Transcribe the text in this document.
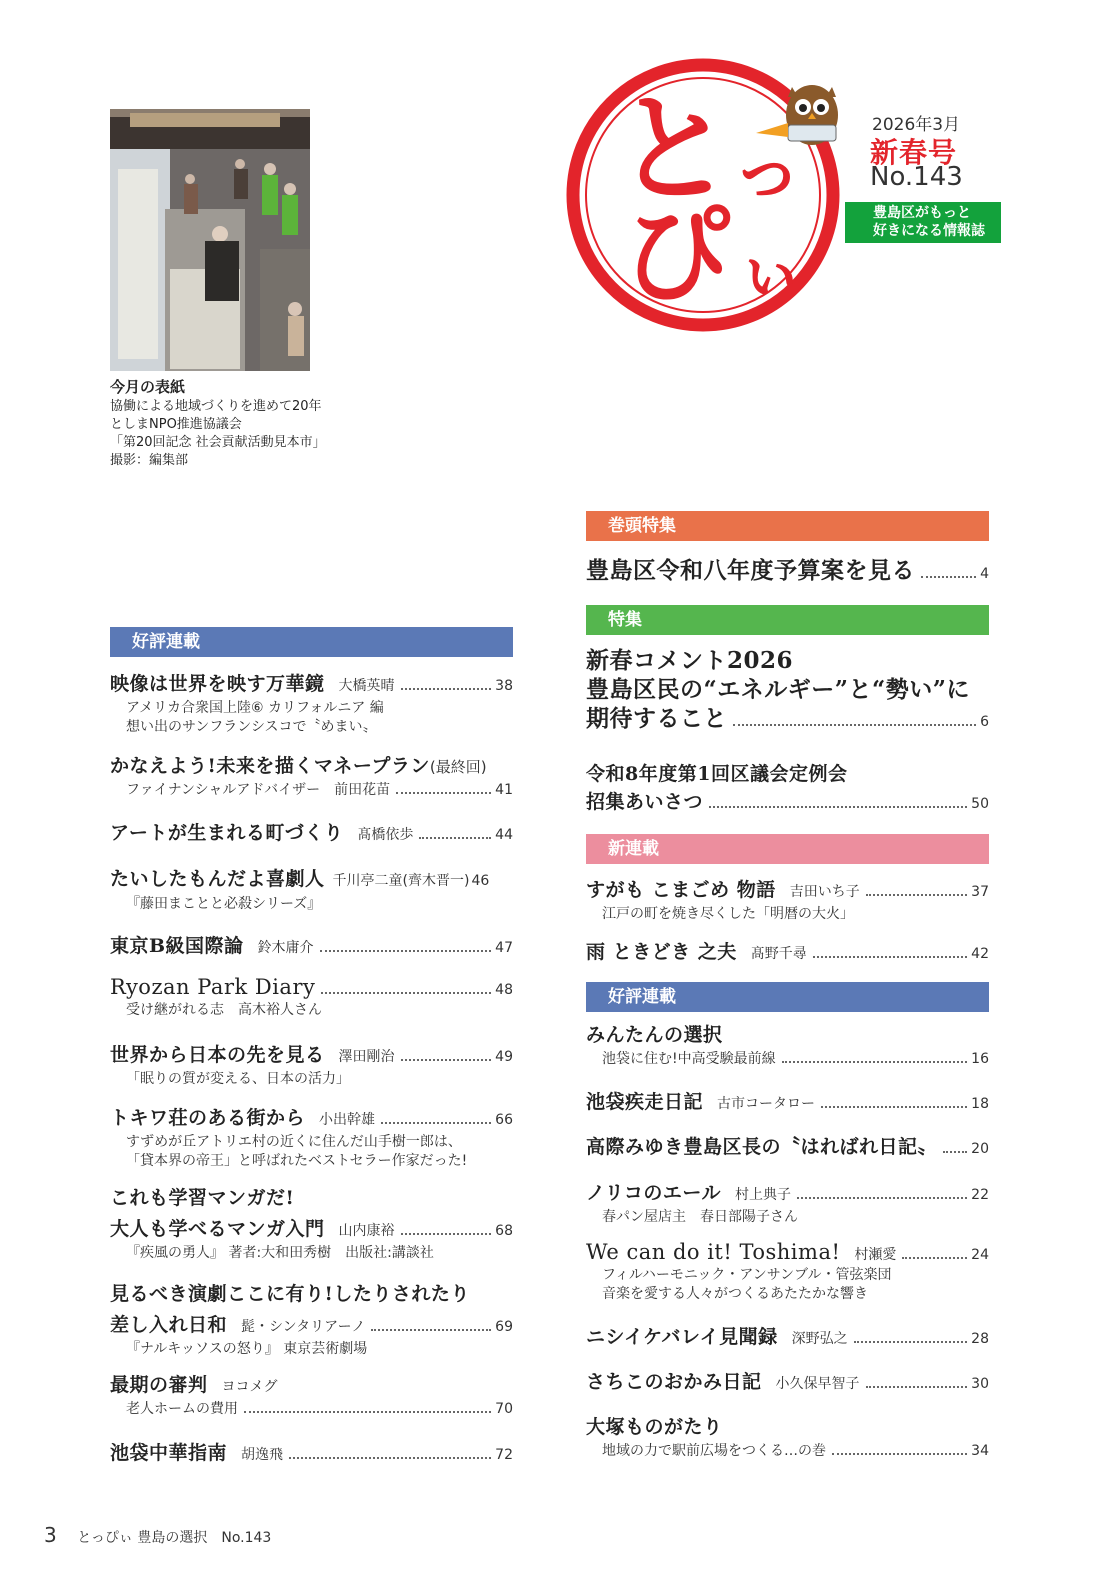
今月の表紙
協働による地域づくりを進めて20年
としまNPO推進協議会
「第20回記念 社会貢献活動見本市」
撮影：編集部
と
っ
ぴ ぃ
2026年3月
新春号
No.143
豊島区がもっと
好きになる情報誌
好評連載
映像は世界を映す万華鏡 大橋英晴	38
アメリカ合衆国上陸⑥ カリフォルニア 編
想い出のサンフランシスコで〝めまい〟
かなえよう!未来を描くマネープラン (最終回)
ファイナンシャルアドバイザー　前田花苗	41
アートが生まれる町づくり 髙橋依歩	44
たいしたもんだよ喜劇人 千川亭二童(齊木晋一) 46
『藤田まことと必殺シリーズ』
東京B級国際論 鈴木庸介	47
Ryozan Park Diary	48
受け継がれる志　高木裕人さん
世界から日本の先を見る 澤田剛治	49
「眠りの質が変える、日本の活力」
トキワ荘のある街から 小出幹雄	66
すずめが丘アトリエ村の近くに住んだ山手樹一郎は、
「貸本界の帝王」と呼ばれたベストセラー作家だった!
これも学習マンガだ!
大人も学べるマンガ入門 山内康裕	68
『疾風の勇人』 著者:大和田秀樹　出版社:講談社
見るべき演劇ここに有り!したりされたり
差し入れ日和 髭・シンタリアーノ	69
『ナルキッソスの怒り』 東京芸術劇場
最期の審判 ヨコメグ
老人ホームの費用	70
池袋中華指南 胡逸飛	72
巻頭特集
豊島区令和八年度予算案を見る	4
特集
新春コメント2026
豊島区民の“エネルギー”と“勢い”に
期待すること	6
令和8年度第1回区議会定例会
招集あいさつ	50
新連載
すがも こまごめ 物語 吉田いち子	37
江戸の町を焼き尽くした「明暦の大火」
雨 ときどき 之夫 髙野千尋	42
好評連載
みんたんの選択
池袋に住む!中高受験最前線	16
池袋疾走日記 古市コータロー	18
高際みゆき豊島区長の〝はればれ日記〟 20
ノリコのエール 村上典子	22
春パン屋店主　春日部陽子さん
We can do it! Toshima! 村瀬愛	24
フィルハーモニック・アンサンブル・管弦楽団
音楽を愛する人々がつくるあたたかな響き
ニシイケバレイ見聞録 深野弘之	28
さちこのおかみ日記 小久保早智子	30
大塚ものがたり
地域の力で駅前広場をつくる…の巻	34
3 とっぴぃ 豊島の選択　No.143
